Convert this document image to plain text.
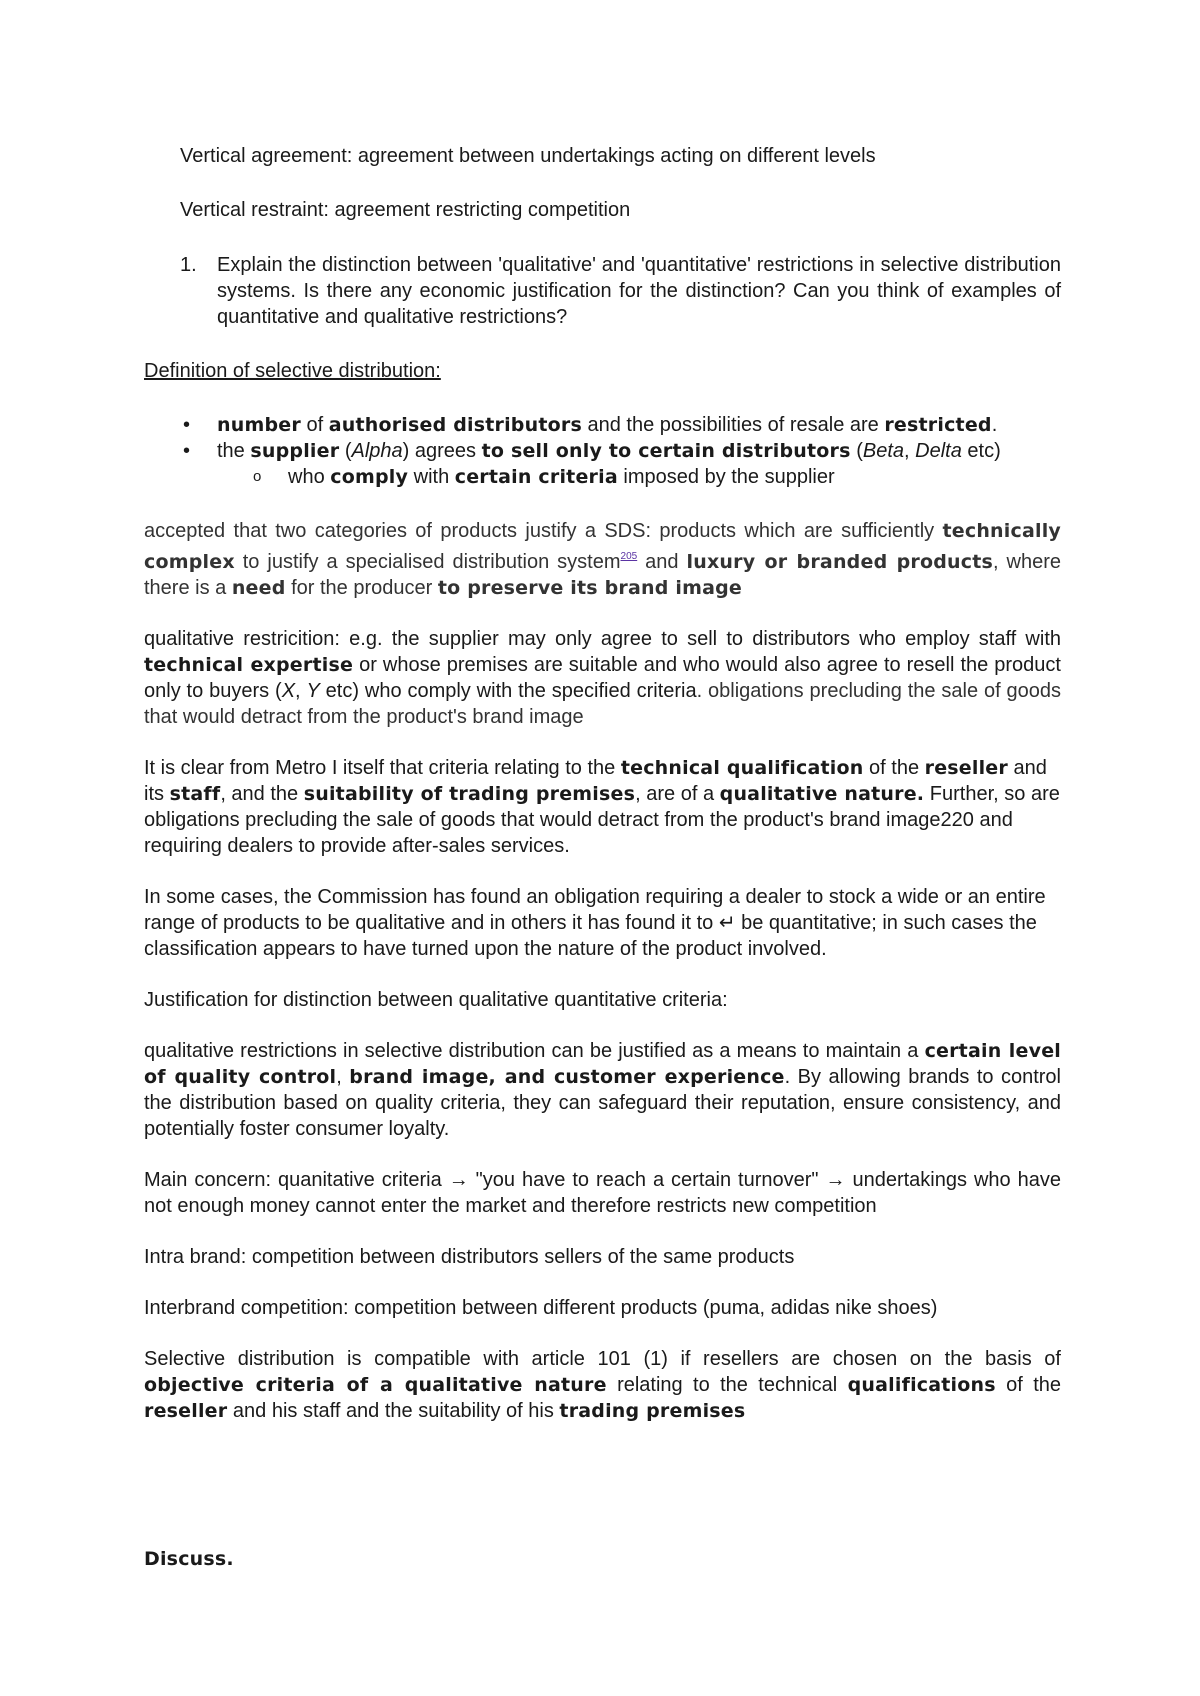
Vertical agreement: agreement between undertakings acting on different levels

Vertical restraint: agreement restricting competition

1. Explain the distinction between 'qualitative' and 'quantitative' restrictions in selective distribution systems. Is there any economic justification for the distinction? Can you think of examples of quantitative and qualitative restrictions?

Definition of selective distribution:

• number of authorised distributors and the possibilities of resale are restricted.

• the supplier (Alpha) agrees to sell only to certain distributors (Beta, Delta etc)

o who comply with certain criteria imposed by the supplier

accepted that two categories of products justify a SDS: products which are sufficiently technically complex to justify a specialised distribution system$^{205}$ and luxury or branded products, where there is a need for the producer to preserve its brand image

qualitative restricition: e.g. the supplier may only agree to sell to distributors who employ staff with technical expertise or whose premises are suitable and who would also agree to resell the product only to buyers (X, Y etc) who comply with the specified criteria. obligations precluding the sale of goods that would detract from the product's brand image

It is clear from Metro I itself that criteria relating to the technical qualification of the reseller and its staff, and the suitability of trading premises, are of a qualitative nature. Further, so are obligations precluding the sale of goods that would detract from the product's brand image220 and requiring dealers to provide after-sales services.

In some cases, the Commission has found an obligation requiring a dealer to stock a wide or an entire range of products to be qualitative and in others it has found it to ↵ be quantitative; in such cases the classification appears to have turned upon the nature of the product involved.

Justification for distinction between qualitative quantitative criteria:

qualitative restrictions in selective distribution can be justified as a means to maintain a certain level of quality control, brand image, and customer experience. By allowing brands to control the distribution based on quality criteria, they can safeguard their reputation, ensure consistency, and potentially foster consumer loyalty.

Main concern: quanitative criteria → "you have to reach a certain turnover" → undertakings who have not enough money cannot enter the market and therefore restricts new competition

Intra brand: competition between distributors sellers of the same products

Interbrand competition: competition between different products (puma, adidas nike shoes)

Selective distribution is compatible with article 101 (1) if resellers are chosen on the basis of objective criteria of a qualitative nature relating to the technical qualifications of the reseller and his staff and the suitability of his trading premises

Discuss.
